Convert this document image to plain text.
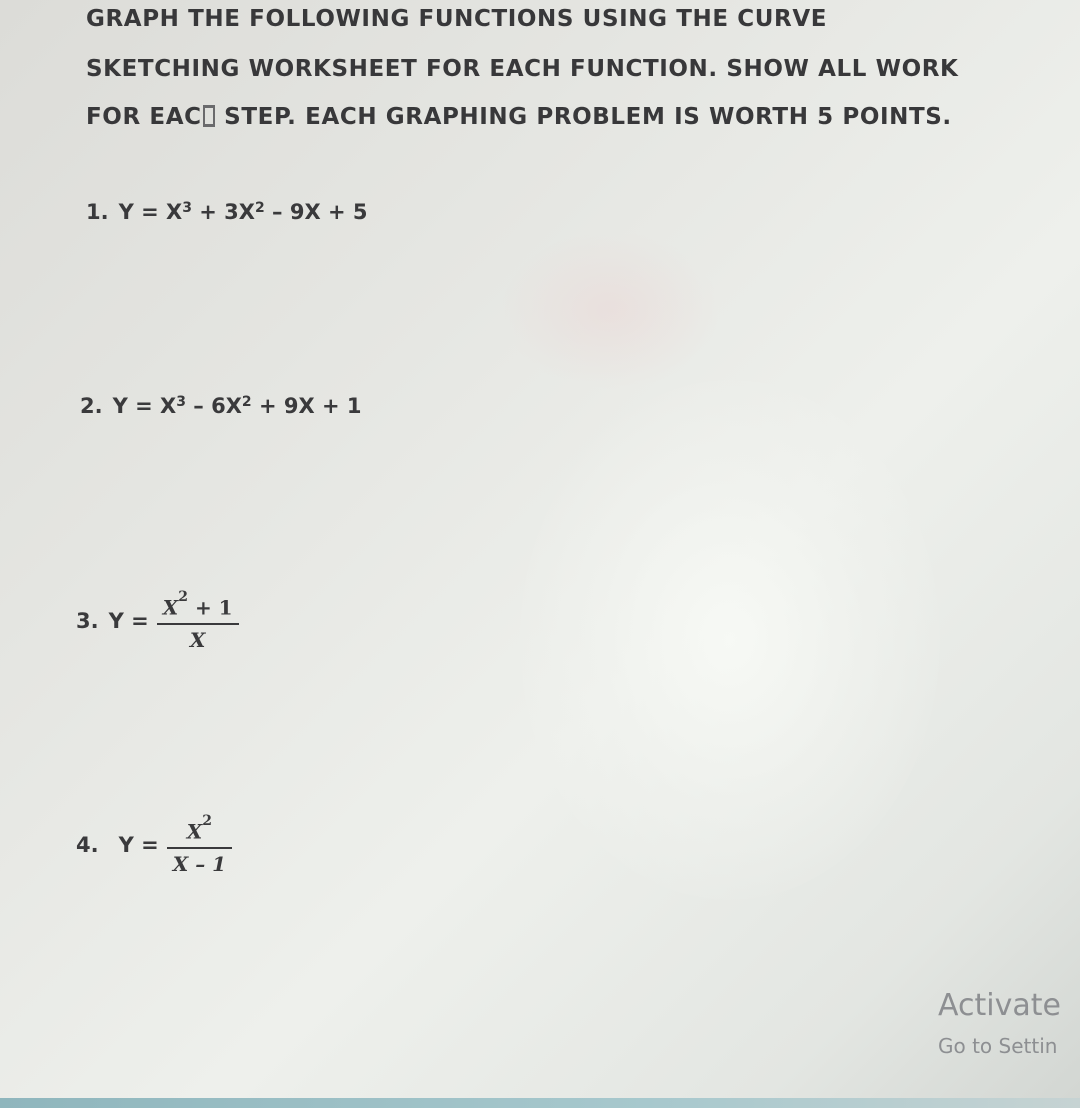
GRAPH THE FOLLOWING FUNCTIONS USING THE CURVE
SKETCHING WORKSHEET FOR EACH FUNCTION. SHOW ALL WORK
FOR EAC STEP. EACH GRAPHING PROBLEM IS WORTH 5 POINTS.
1. $Y = X^3 + 3X^2 - 9X + 5$
2. $Y = X^3 - 6X^2 + 9X + 1$
3. $Y = \frac{X^2 + 1}{X}$
4. $Y = \frac{X^2}{X - 1}$
Activate
Go to Settin
